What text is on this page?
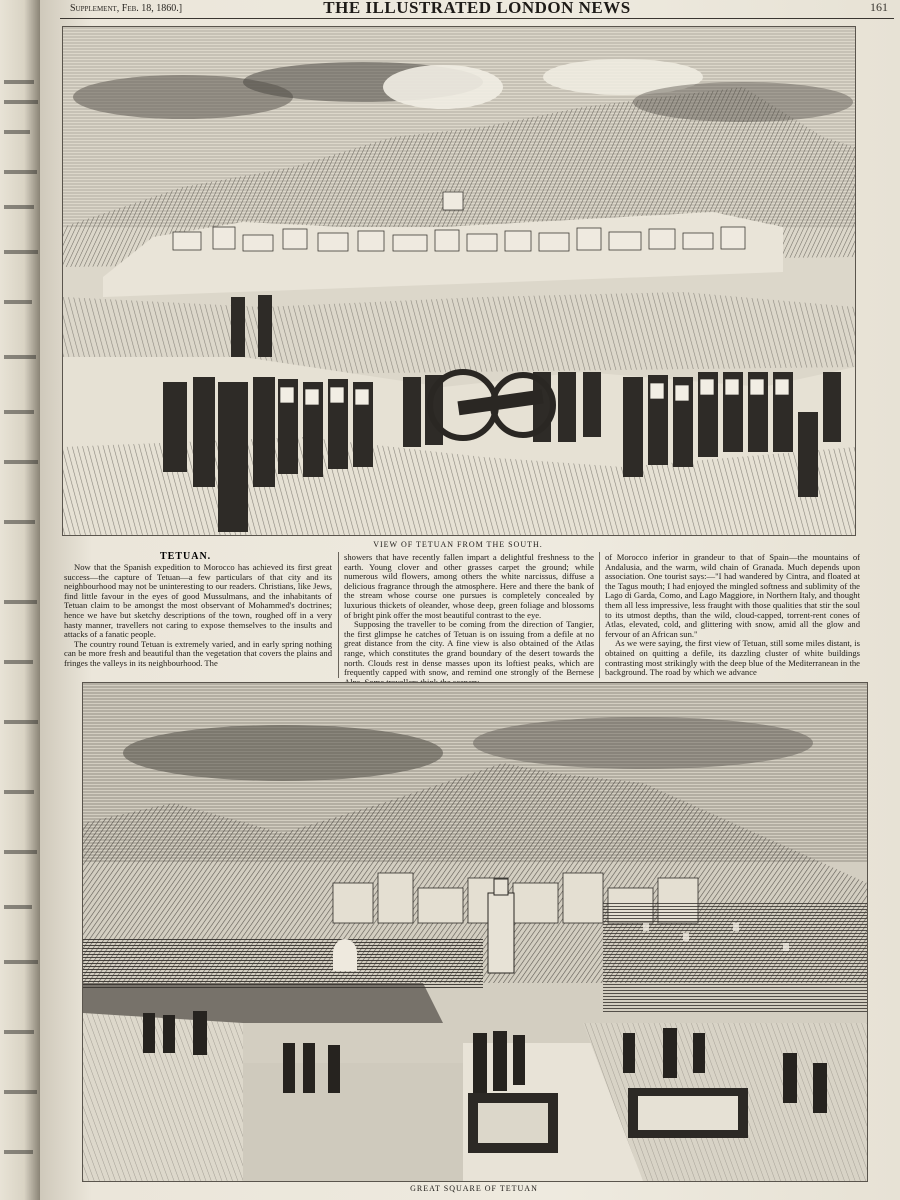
Supplement, Feb. 18, 1860.]	THE ILLUSTRATED LONDON NEWS	161
VIEW OF TETUAN FROM THE SOUTH.
TETUAN.

Now that the Spanish expedition to Morocco has achieved its first great success—the capture of Tetuan—a few particulars of that city and its neighbourhood may not be uninteresting to our readers. Christians, like Jews, find little favour in the eyes of good Mussulmans, and the inhabitants of Tetuan claim to be amongst the most observant of Mohammed's doctrines; hence we have but sketchy descriptions of the town, roughed off in a very hasty manner, travellers not caring to expose themselves to the insults and attacks of a fanatic people.

The country round Tetuan is extremely varied, and in early spring nothing can be more fresh and beautiful than the vegetation that covers the plains and fringes the valleys in its neighbourhood. The

showers that have recently fallen impart a delightful freshness to the earth. Young clover and other grasses carpet the ground; while numerous wild flowers, among others the white narcissus, diffuse a delicious fragrance through the atmosphere. Here and there the bank of the stream whose course one pursues is completely concealed by luxurious thickets of oleander, whose deep, green foliage and blossoms of bright pink offer the most beautiful contrast to the eye.

Supposing the traveller to be coming from the direction of Tangier, the first glimpse he catches of Tetuan is on issuing from a defile at no great distance from the city. A fine view is also obtained of the Atlas range, which constitutes the grand boundary of the desert towards the north. Clouds rest in dense masses upon its loftiest peaks, which are frequently capped with snow, and remind one strongly of the Bernese

of Morocco inferior in grandeur to that of Spain—the mountains of Andalusia, and the warm, wild chain of Granada. Much depends upon association. One tourist says:—"I had wandered by Cintra, and floated at the Tagus mouth; I had enjoyed the mingled softness and sublimity of the Lago di Garda, Como, and Lago Maggiore, in Northern Italy, and thought them all less impressive, less fraught with those qualities that stir the soul to its utmost depths, than the wild, cloud-capped, torrent-rent cones of Atlas, elevated, cold, and glittering with snow, amid all the glow and fervour of an African sun."

As we were saying, the first view of Tetuan, still some miles distant, is obtained on quitting a defile, its dazzling cluster of white buildings contrasting most strikingly with the deep blue of the Mediterranean in the background. The road by which we advance

GREAT SQUARE OF TETUAN
